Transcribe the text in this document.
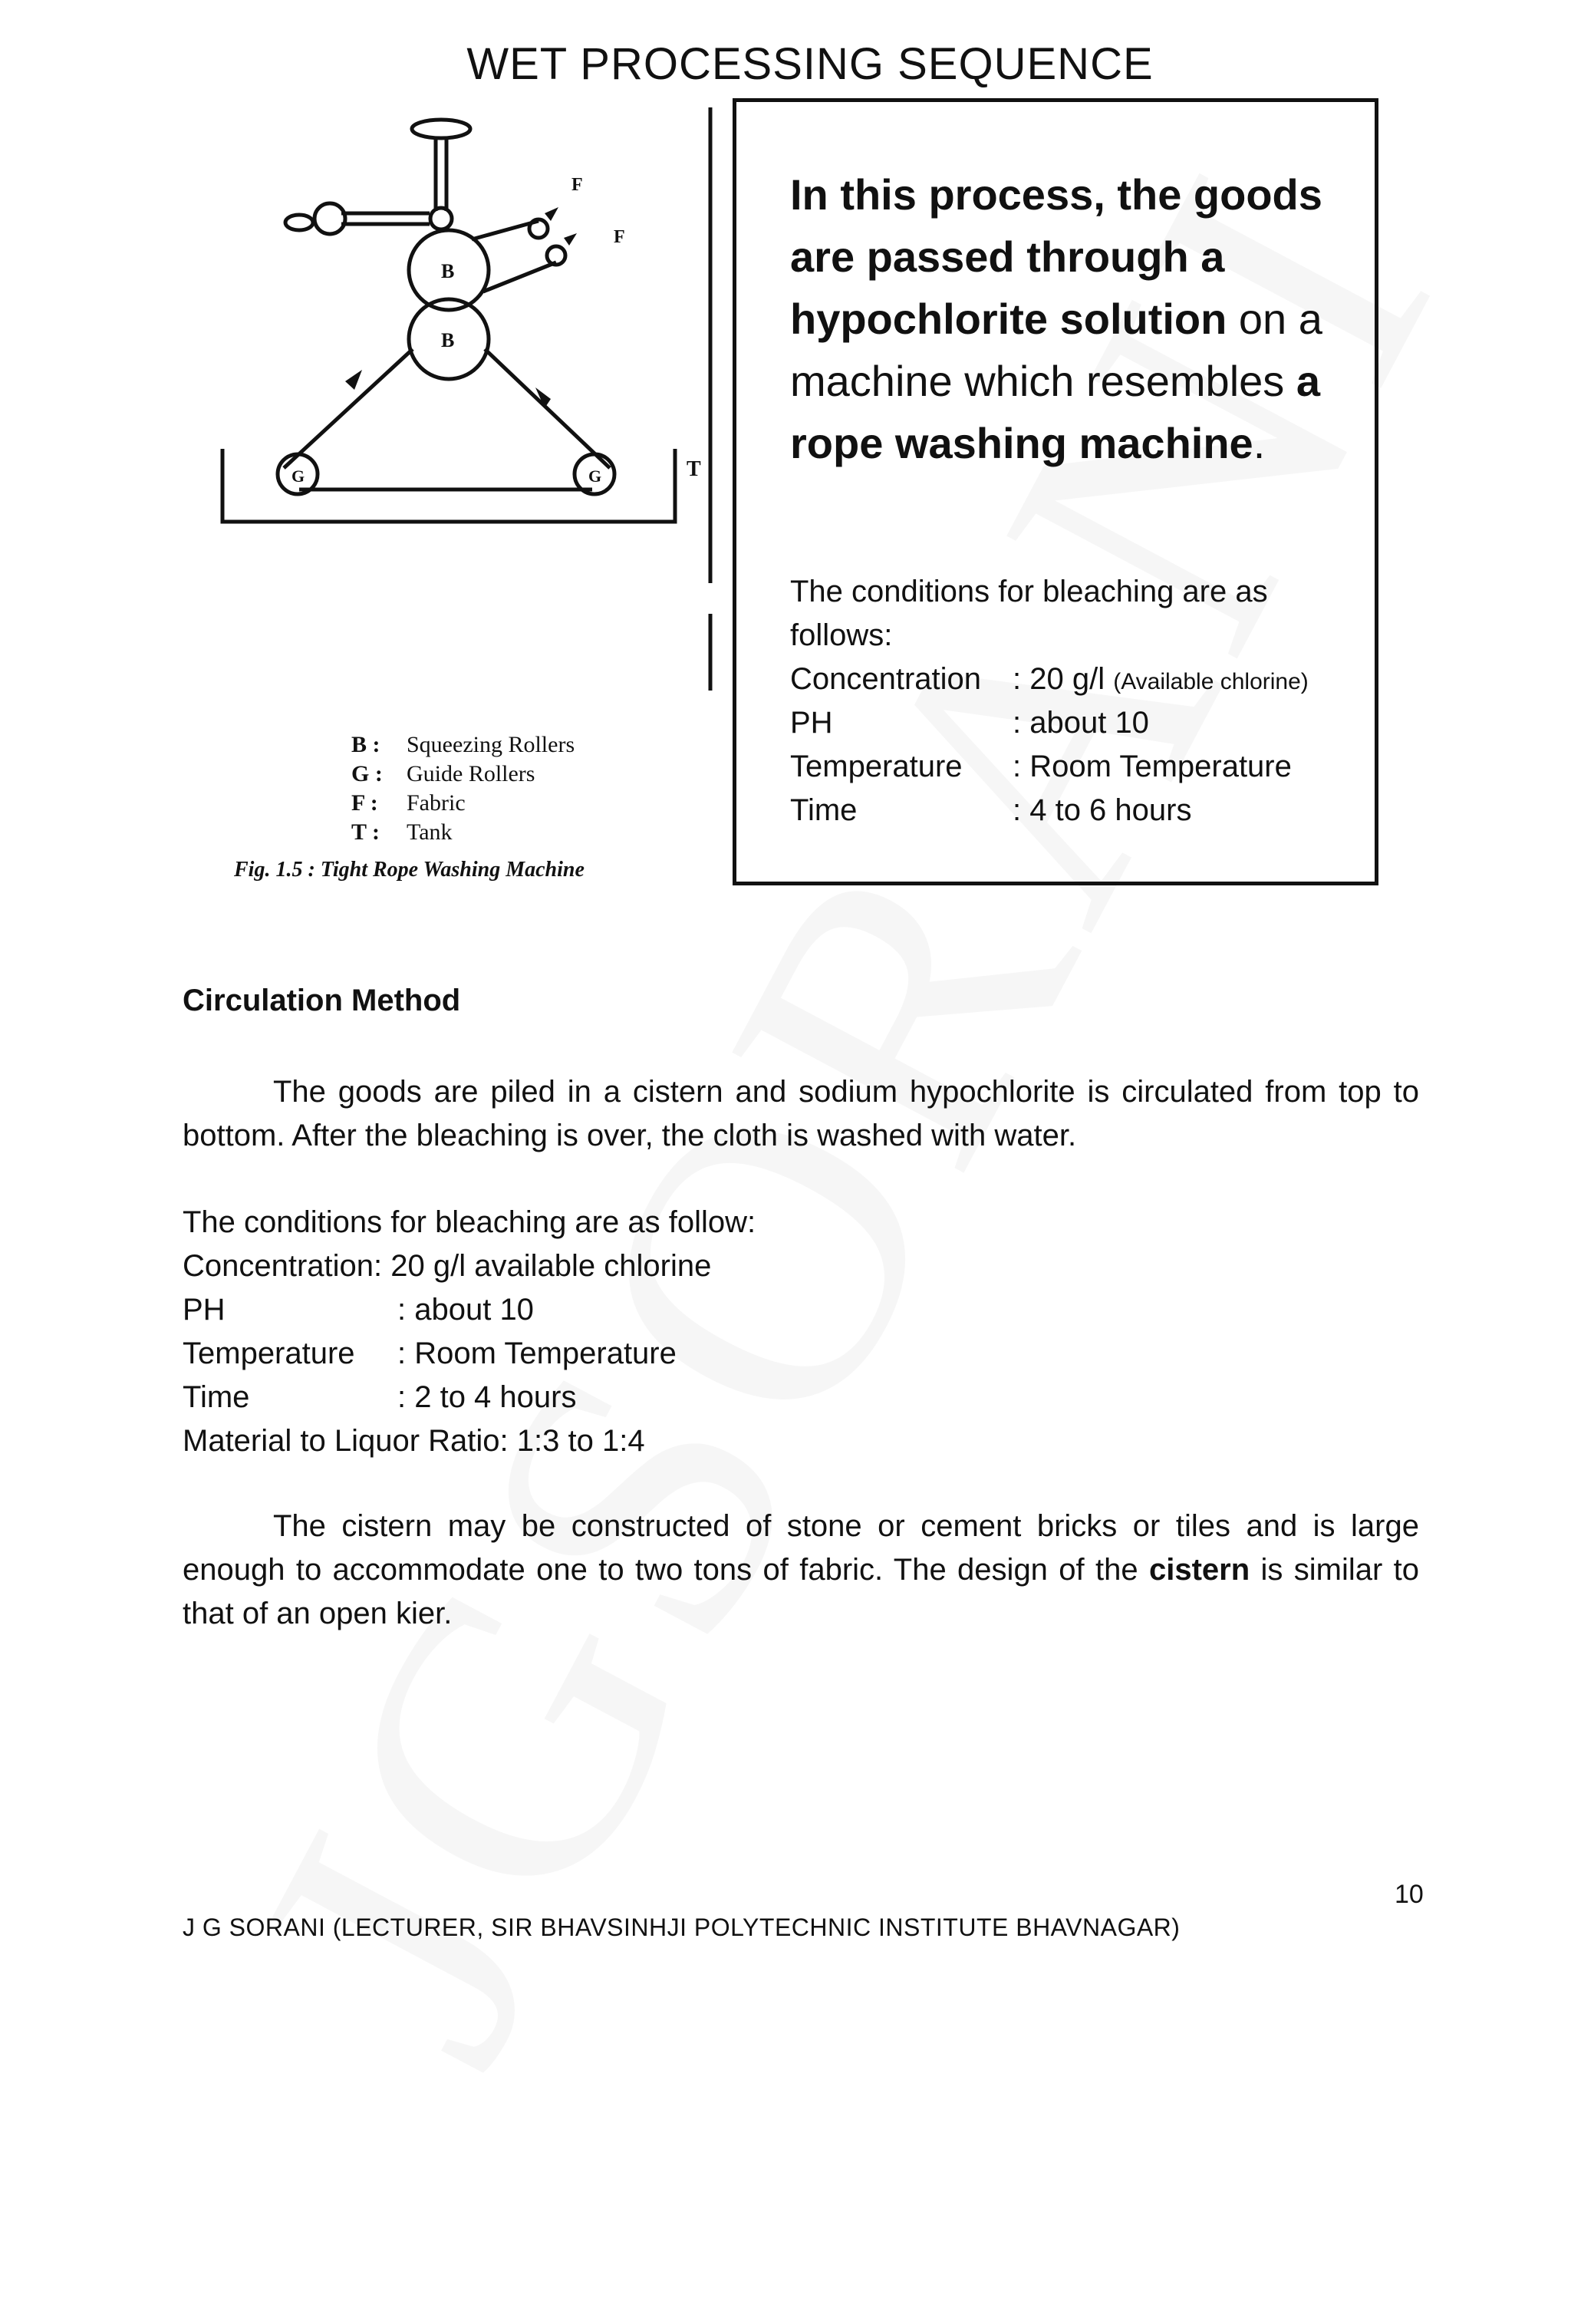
WET PROCESSING SEQUENCE
B
B
G	G
F
F
T
B : Squeezing Rollers
G : Guide Rollers
F : Fabric
T : Tank
Fig. 1.5 : Tight Rope Washing Machine
In this process, the goods are passed through a hypochlorite solution on a machine which resembles a rope washing machine.
The conditions for bleaching are as follows:
Concentration : 20 g/l (Available chlorine)
PH	: about 10
Temperature : Room Temperature
Time	: 4 to 6 hours
Circulation Method
The goods are piled in a cistern and sodium hypochlorite is circulated from top to bottom. After the bleaching is over, the cloth is washed with water.
The conditions for bleaching are as follow:
Concentration: 20 g/l available chlorine
PH	: about 10
Temperature : Room Temperature
Time	: 2 to 4 hours
Material to Liquor Ratio: 1:3 to 1:4
The cistern may be constructed of stone or cement bricks or tiles and is large enough to accommodate one to two tons of fabric. The design of the cistern is similar to that of an open kier.
10
J G SORANI (LECTURER, SIR BHAVSINHJI POLYTECHNIC INSTITUTE BHAVNAGAR)
